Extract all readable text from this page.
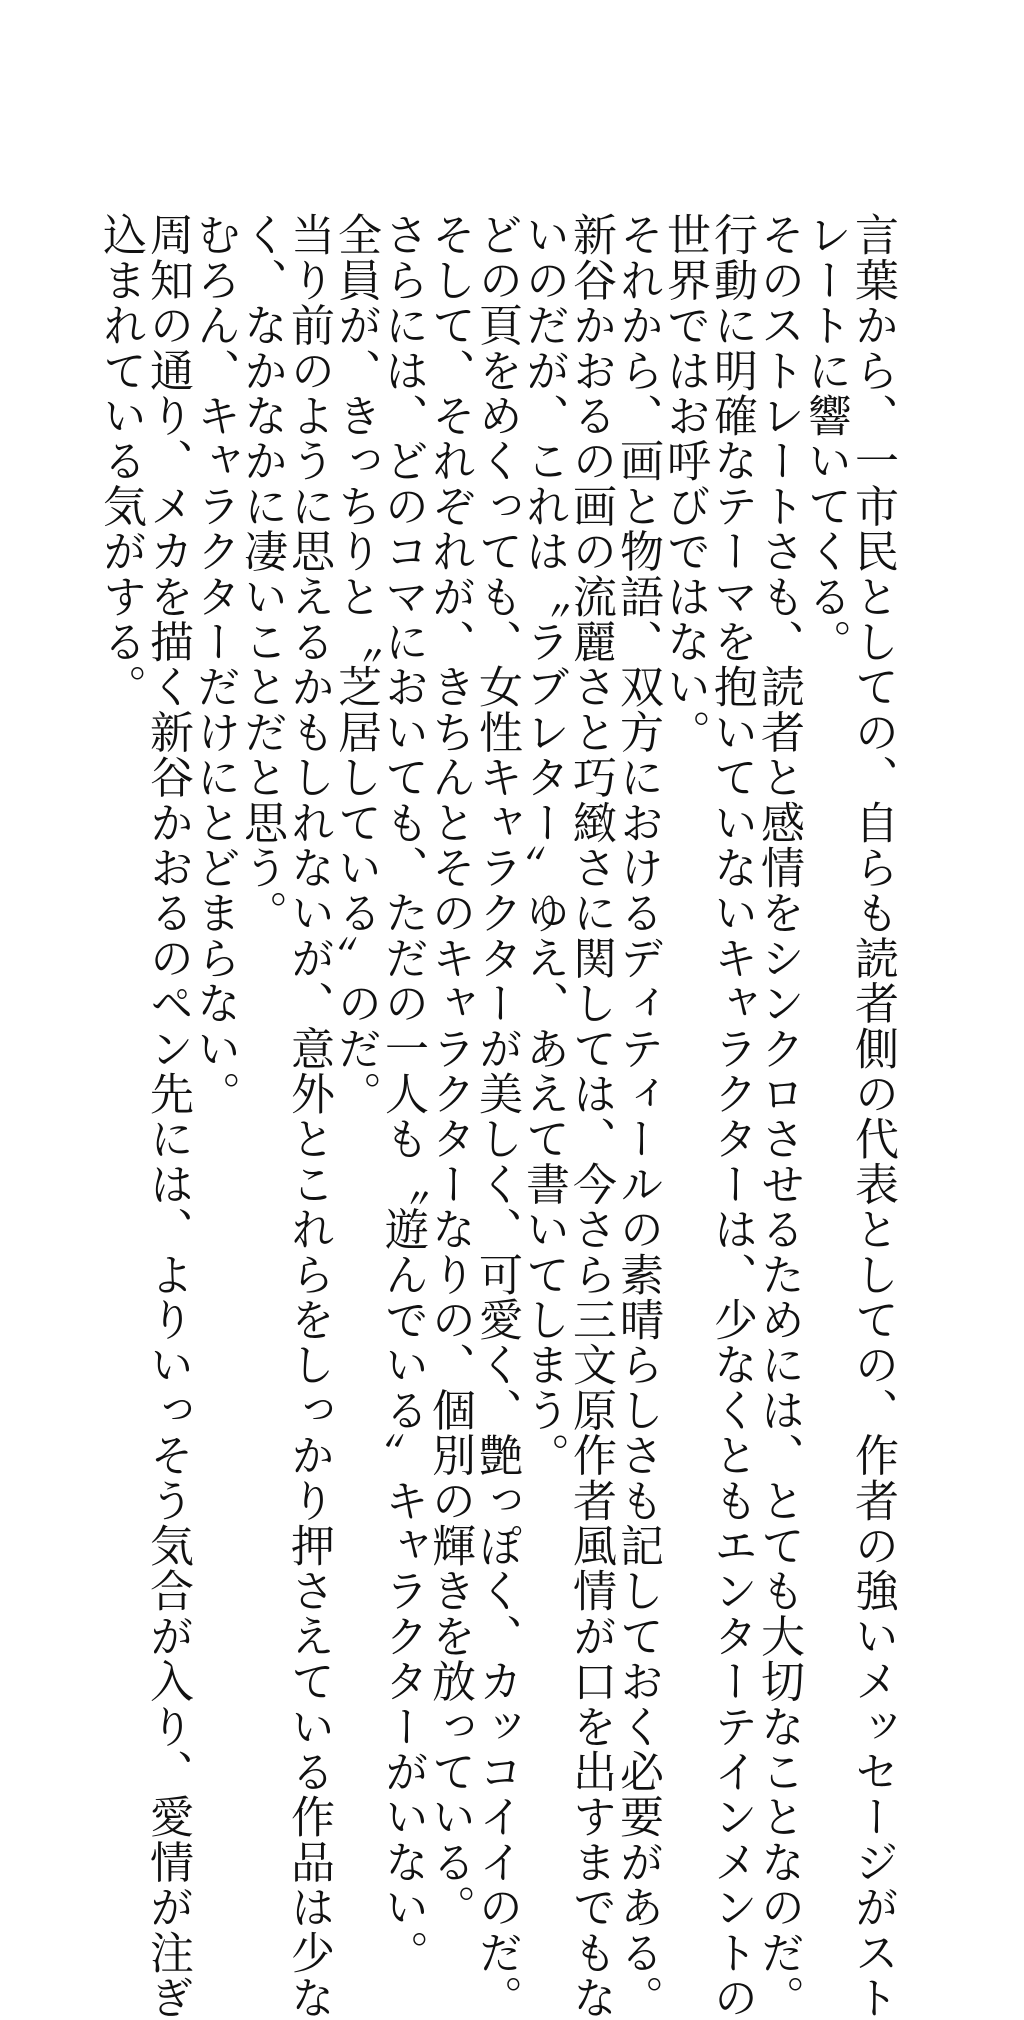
言葉から、一市民としての、自らも読者側の代表としての、作者の強いメッセージがスト
レートに響いてくる。
そのストレートさも、読者と感情をシンクロさせるためには、とても大切なことなのだ。
行動に明確なテーマを抱いていないキャラクターは、少なくともエンターテインメントの
世界ではお呼びではない。
それから、画と物語、双方におけるディティールの素晴らしさも記しておく必要がある。
新谷かおるの画の流麗さと巧緻さに関しては、今さら三文原作者風情が口を出すまでもな
いのだが、これは〝ラブレター〟ゆえ、あえて書いてしまう。
どの頁をめくっても、女性キャラクターが美しく、可愛く、艶っぽく、カッコイイのだ。
そして、それぞれが、きちんとそのキャラクターなりの、個別の輝きを放っている。
さらには、どのコマにおいても、ただの一人も〝遊んでいる〟キャラクターがいない。
全員が、きっちりと〝芝居している〟のだ。
当り前のように思えるかもしれないが、意外とこれらをしっかり押さえている作品は少な
く、なかなかに凄いことだと思う。
むろん、キャラクターだけにとどまらない。
周知の通り、メカを描く新谷かおるのペン先には、よりいっそう気合が入り、愛情が注ぎ
込まれている気がする。
